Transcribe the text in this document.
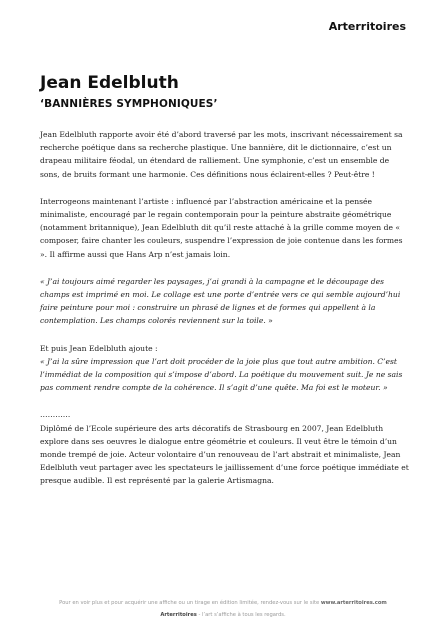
Arterritoires
Jean Edelbluth
‘BANNIÈRES SYMPHONIQUES’

Jean Edelbluth rapporte avoir été d’abord traversé par les mots, inscrivant nécessairement sa recherche poétique dans sa recherche plastique. Une bannière, dit le dictionnaire, c’est un drapeau militaire féodal, un étendard de ralliement. Une symphonie, c’est un ensemble de sons, de bruits formant une harmonie. Ces définitions nous éclairent-elles ? Peut-être !

Interrogeons maintenant l’artiste : influencé par l’abstraction américaine et la pensée minimaliste, encouragé par le regain contemporain pour la peinture abstraite géométrique (notamment britannique), Jean Edelbluth dit qu’il reste attaché à la grille comme moyen de « composer, faire chanter les couleurs, suspendre l’expression de joie contenue dans les formes ». Il affirme aussi que Hans Arp n’est jamais loin.

« J’ai toujours aimé regarder les paysages, j’ai grandi à la campagne et le découpage des champs est imprimé en moi. Le collage est une porte d’entrée vers ce qui semble aujourd’hui faire peinture pour moi : construire un phrasé de lignes et de formes qui appellent à la contemplation. Les champs colorés reviennent sur la toile. »

Et puis Jean Edelbluth ajoute :

« J’ai la sûre impression que l’art doit procéder de la joie plus que tout autre ambition. C’est l’immédiat de la composition qui s’impose d’abord. La poétique du mouvement suit. Je ne sais pas comment rendre compte de la cohérence. Il s’agit d’une quête. Ma foi est le moteur. »

…………

Diplômé de l’Ecole supérieure des arts décoratifs de Strasbourg en 2007, Jean Edelbluth explore dans ses oeuvres le dialogue entre géométrie et couleurs. Il veut être le témoin d’un monde trempé de joie. Acteur volontaire d’un renouveau de l’art abstrait et minimaliste, Jean Edelbluth veut partager avec les spectateurs le jaillissement d’une force poétique immédiate et presque audible. Il est représenté par la galerie Artismagna.

Pour en voir plus et pour acquérir une affiche ou un tirage en édition limitée, rendez-vous sur le site www.arterritoires.com
Arterritoires - l’art s’affiche à tous les regards.
